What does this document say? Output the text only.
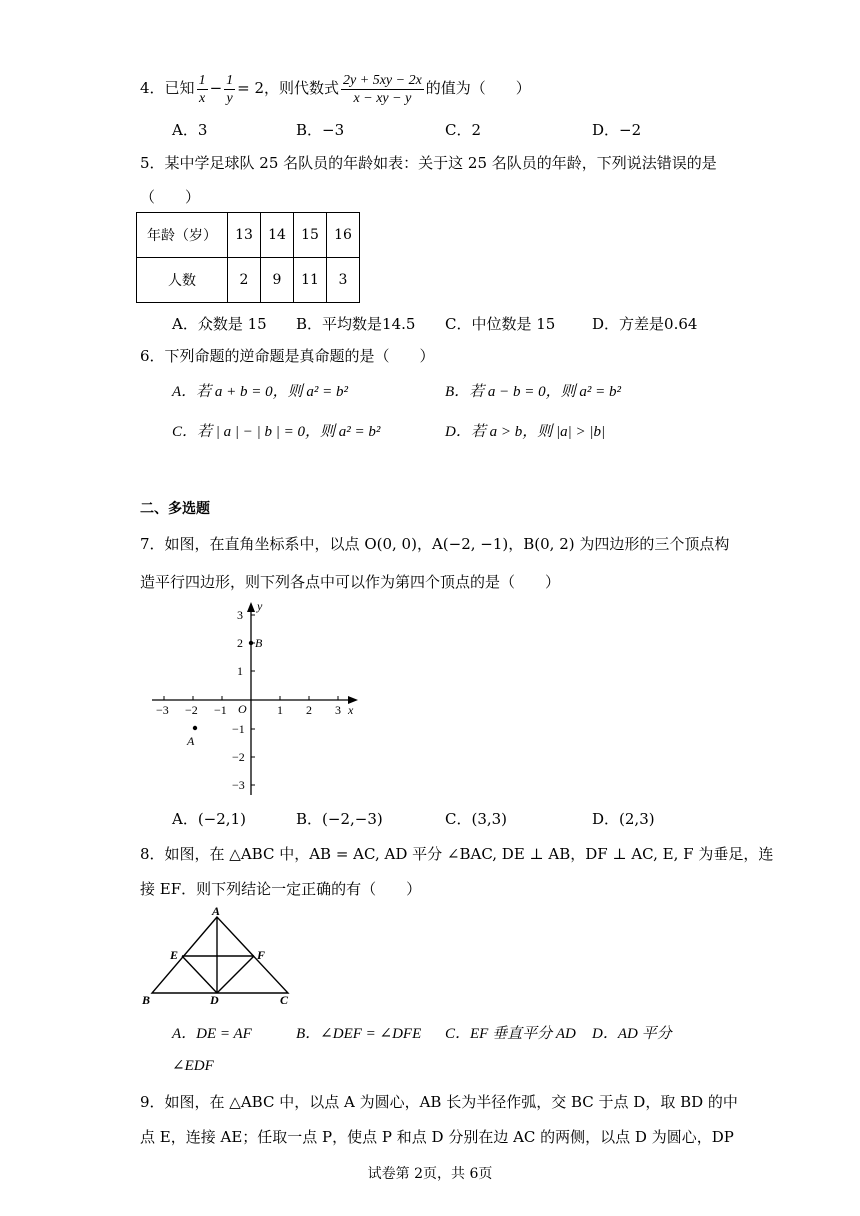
4．已知 $\frac{1}{x} - \frac{1}{y} = 2$，则代数式 $\frac{2y + 5xy - 2x}{x - xy - y}$ 的值为（　　）
A．3	B．−3	C．2	D．−2
5．某中学足球队 25 名队员的年龄如表：关于这 25 名队员的年龄，下列说法错误的是
（　　）
年龄（岁）	13	14	15	16
人数	2	9	11	3
A．众数是 15 B．平均数是14.5 C．中位数是 15 D．方差是0.64
6．下列命题的逆命题是真命题的是（　　）
A．若 a + b = 0，则 a² = b²	B．若 a − b = 0，则 a² = b²
C．若 | a | − | b | = 0，则 a² = b²	D．若 a > b，则 |a| > |b|
二、多选题
7．如图，在直角坐标系中，以点 O(0, 0)，A(−2, −1)，B(0, 2) 为四边形的三个顶点构
造平行四边形，则下列各点中可以作为第四个顶点的是（　　）
−3 −2 −1	1 2 3 x
3
2
1
−1
−2
−3
y
O
B
A
A．(−2,1)	B．(−2,−3)	C．(3,3)	D．(2,3)
8．如图，在 △ABC 中，AB = AC, AD 平分 ∠BAC, DE ⊥ AB，DF ⊥ AC, E, F 为垂足，连
接 EF．则下列结论一定正确的有（　　）
A
B	C
D
E	F
A．DE = AF	B．∠DEF = ∠DFE C．EF 垂直平分 AD D．AD 平分
∠EDF
9．如图，在 △ABC 中，以点 A 为圆心，AB 长为半径作弧，交 BC 于点 D，取 BD 的中
点 E，连接 AE；任取一点 P，使点 P 和点 D 分别在边 AC 的两侧，以点 D 为圆心，DP
试卷第 2页，共 6页
